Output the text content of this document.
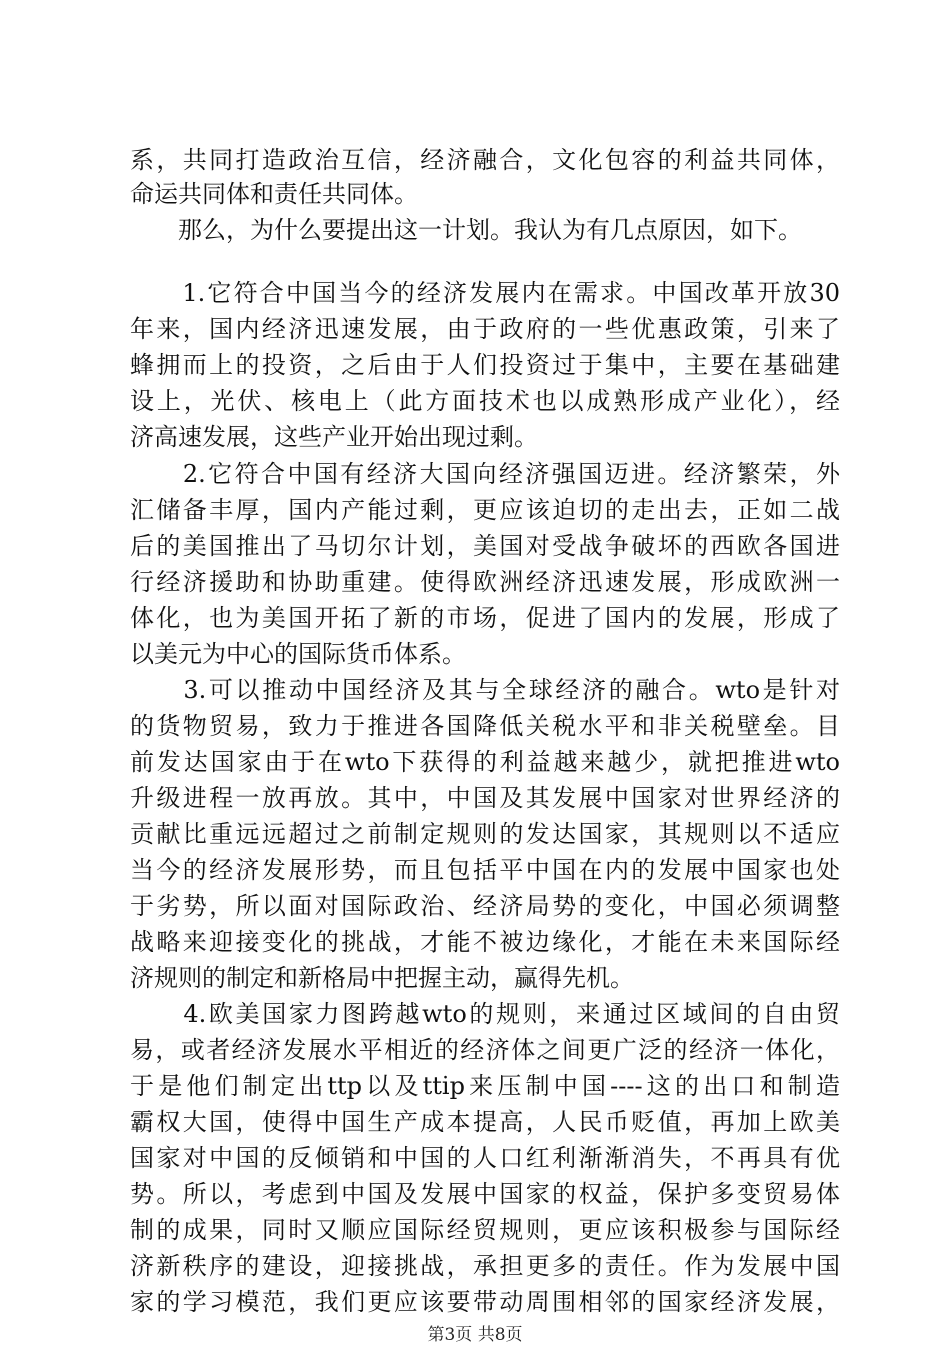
系，共同打造政治互信，经济融合，文化包容的利益共同体，
命运共同体和责任共同体。
　　那么，为什么要提出这一计划。我认为有几点原因，如下。
　　1.它符合中国当今的经济发展内在需求。中国改革开放30
年来，国内经济迅速发展，由于政府的一些优惠政策，引来了
蜂拥而上的投资，之后由于人们投资过于集中，主要在基础建
设上，光伏、核电上（此方面技术也以成熟形成产业化），经
济高速发展，这些产业开始出现过剩。
　　2.它符合中国有经济大国向经济强国迈进。经济繁荣，外
汇储备丰厚，国内产能过剩，更应该迫切的走出去，正如二战
后的美国推出了马切尔计划，美国对受战争破坏的西欧各国进
行经济援助和协助重建。使得欧洲经济迅速发展，形成欧洲一
体化，也为美国开拓了新的市场，促进了国内的发展，形成了
以美元为中心的国际货币体系。
　　3.可以推动中国经济及其与全球经济的融合。wto是针对
的货物贸易，致力于推进各国降低关税水平和非关税壁垒。目
前发达国家由于在wto下获得的利益越来越少，就把推进wto
升级进程一放再放。其中，中国及其发展中国家对世界经济的
贡献比重远远超过之前制定规则的发达国家，其规则以不适应
当今的经济发展形势，而且包括平中国在内的发展中国家也处
于劣势，所以面对国际政治、经济局势的变化，中国必须调整
战略来迎接变化的挑战，才能不被边缘化，才能在未来国际经
济规则的制定和新格局中把握主动，赢得先机。
　　4.欧美国家力图跨越wto的规则，来通过区域间的自由贸
易，或者经济发展水平相近的经济体之间更广泛的经济一体化，
于是他们制定出ttp以及ttip来压制中国----这的出口和制造
霸权大国，使得中国生产成本提高，人民币贬值，再加上欧美
国家对中国的反倾销和中国的人口红利渐渐消失，不再具有优
势。所以，考虑到中国及发展中国家的权益，保护多变贸易体
制的成果，同时又顺应国际经贸规则，更应该积极参与国际经
济新秩序的建设，迎接挑战，承担更多的责任。作为发展中国
家的学习模范，我们更应该要带动周围相邻的国家经济发展，
第3页 共8页
